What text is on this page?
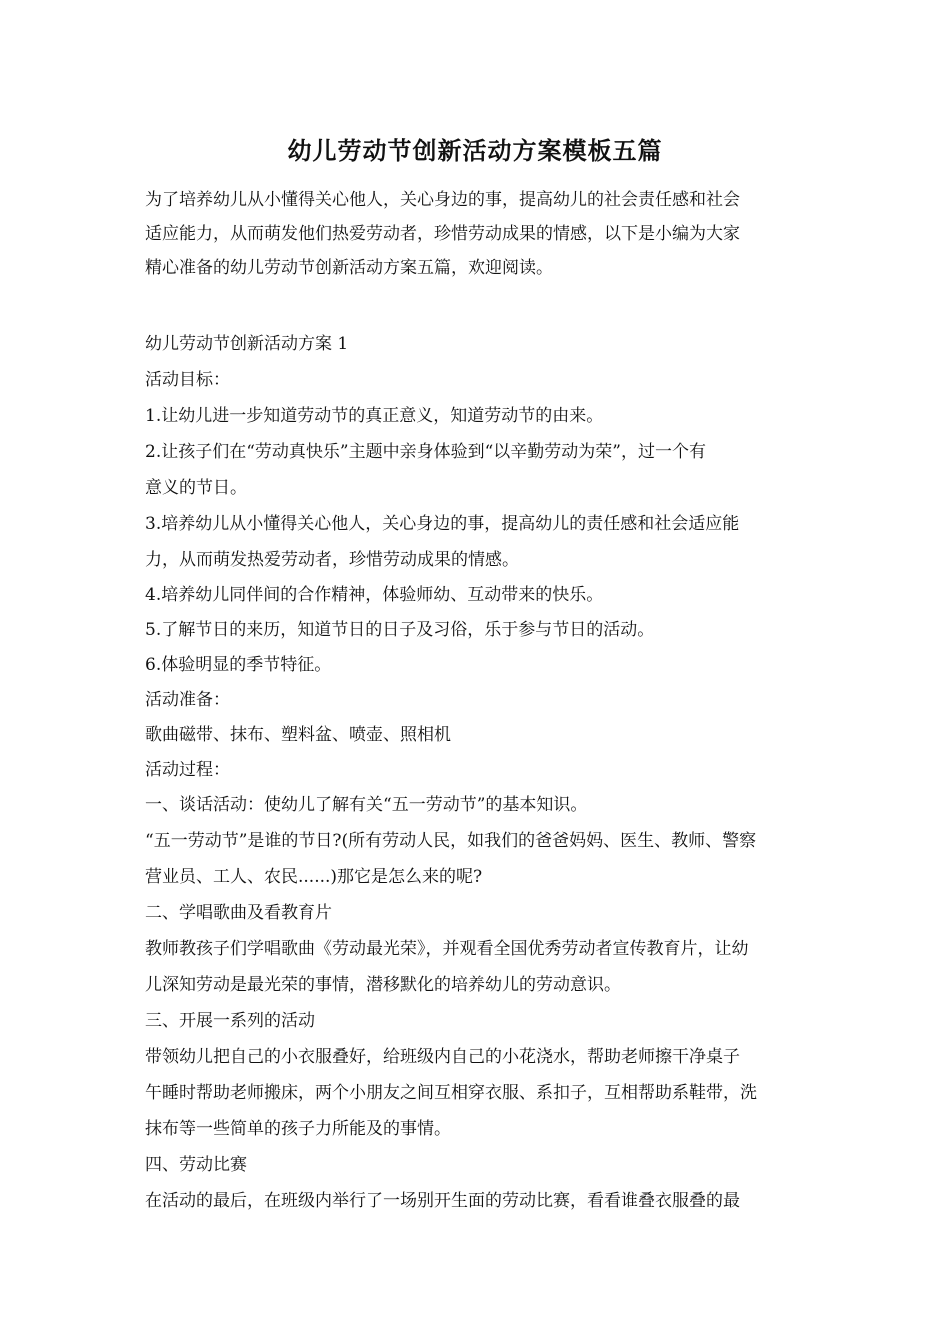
幼儿劳动节创新活动方案模板五篇

为了培养幼儿从小懂得关心他人，关心身边的事，提高幼儿的社会责任感和社会

适应能力，从而萌发他们热爱劳动者，珍惜劳动成果的情感，以下是小编为大家

精心准备的幼儿劳动节创新活动方案五篇，欢迎阅读。

幼儿劳动节创新活动方案 1

活动目标：

1.让幼儿进一步知道劳动节的真正意义，知道劳动节的由来。

2.让孩子们在“劳动真快乐”主题中亲身体验到“以辛勤劳动为荣”，过一个有

意义的节日。

3.培养幼儿从小懂得关心他人，关心身边的事，提高幼儿的责任感和社会适应能

力，从而萌发热爱劳动者，珍惜劳动成果的情感。

4.培养幼儿同伴间的合作精神，体验师幼、互动带来的快乐。

5.了解节日的来历，知道节日的日子及习俗，乐于参与节日的活动。

6.体验明显的季节特征。

活动准备：

歌曲磁带、抹布、塑料盆、喷壶、照相机

活动过程：

一、谈话活动：使幼儿了解有关“五一劳动节”的基本知识。

“五一劳动节”是谁的节日?(所有劳动人民，如我们的爸爸妈妈、医生、教师、警察

营业员、工人、农民......)那它是怎么来的呢?

二、学唱歌曲及看教育片

教师教孩子们学唱歌曲《劳动最光荣》，并观看全国优秀劳动者宣传教育片，让幼

儿深知劳动是最光荣的事情，潜移默化的培养幼儿的劳动意识。

三、开展一系列的活动

带领幼儿把自己的小衣服叠好，给班级内自己的小花浇水，帮助老师擦干净桌子

午睡时帮助老师搬床，两个小朋友之间互相穿衣服、系扣子，互相帮助系鞋带，洗

抹布等一些简单的孩子力所能及的事情。

四、劳动比赛

在活动的最后，在班级内举行了一场别开生面的劳动比赛，看看谁叠衣服叠的最
